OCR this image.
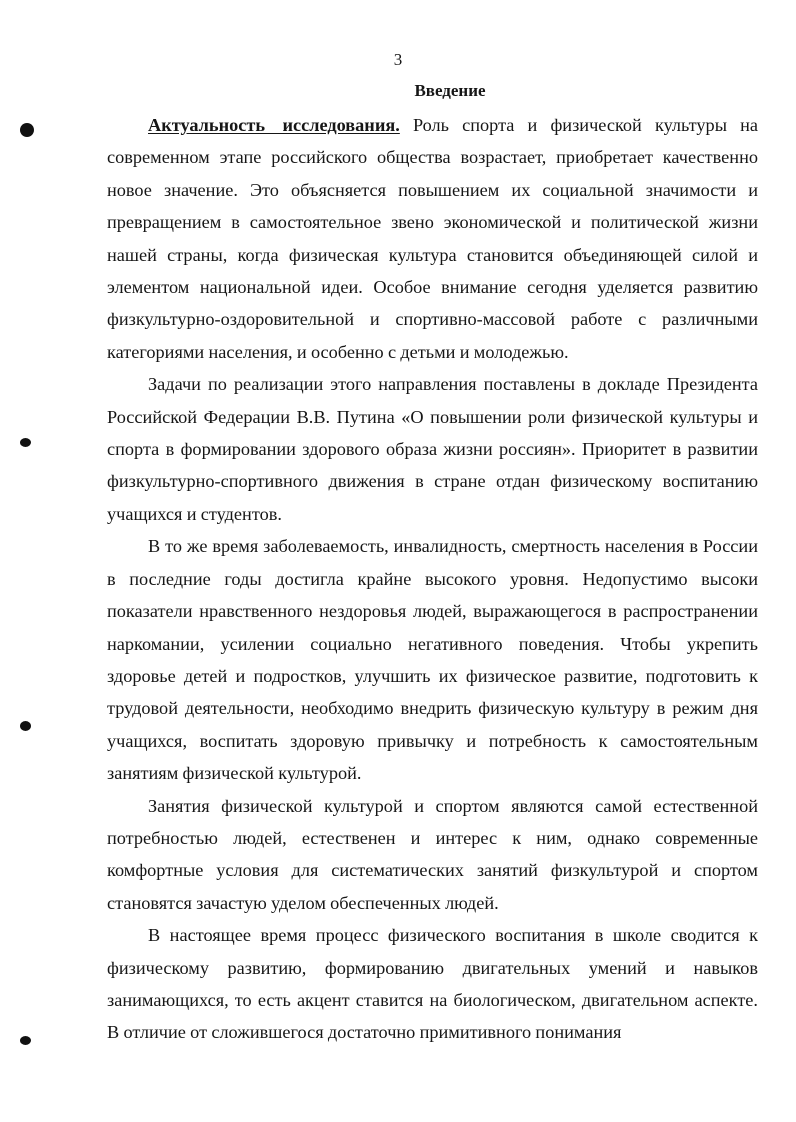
3
Введение

Актуальность исследования. Роль спорта и физической культуры на современном этапе российского общества возрастает, приобретает качественно новое значение. Это объясняется повышением их социальной значимости и превращением в самостоятельное звено экономической и политической жизни нашей страны, когда физическая культура становится объединяющей силой и элементом национальной идеи. Особое внимание сегодня уделяется развитию физкультурно-оздоровительной и спортивно-массовой работе с различными категориями населения, и особенно с детьми и молодежью.

Задачи по реализации этого направления поставлены в докладе Президента Российской Федерации В.В. Путина «О повышении роли физической культуры и спорта в формировании здорового образа жизни россиян». Приоритет в развитии физкультурно-спортивного движения в стране отдан физическому воспитанию учащихся и студентов.

В то же время заболеваемость, инвалидность, смертность населения в России в последние годы достигла крайне высокого уровня. Недопустимо высоки показатели нравственного нездоровья людей, выражающегося в распространении наркомании, усилении социально негативного поведения. Чтобы укрепить здоровье детей и подростков, улучшить их физическое развитие, подготовить к трудовой деятельности, необходимо внедрить физическую культуру в режим дня учащихся, воспитать здоровую привычку и потребность к самостоятельным занятиям физической культурой.

Занятия физической культурой и спортом являются самой естественной потребностью людей, естественен и интерес к ним, однако современные комфортные условия для систематических занятий физкультурой и спортом становятся зачастую уделом обеспеченных людей.

В настоящее время процесс физического воспитания в школе сводится к физическому развитию, формированию двигательных умений и навыков занимающихся, то есть акцент ставится на биологическом, двигательном аспекте. В отличие от сложившегося достаточно примитивного понимания
